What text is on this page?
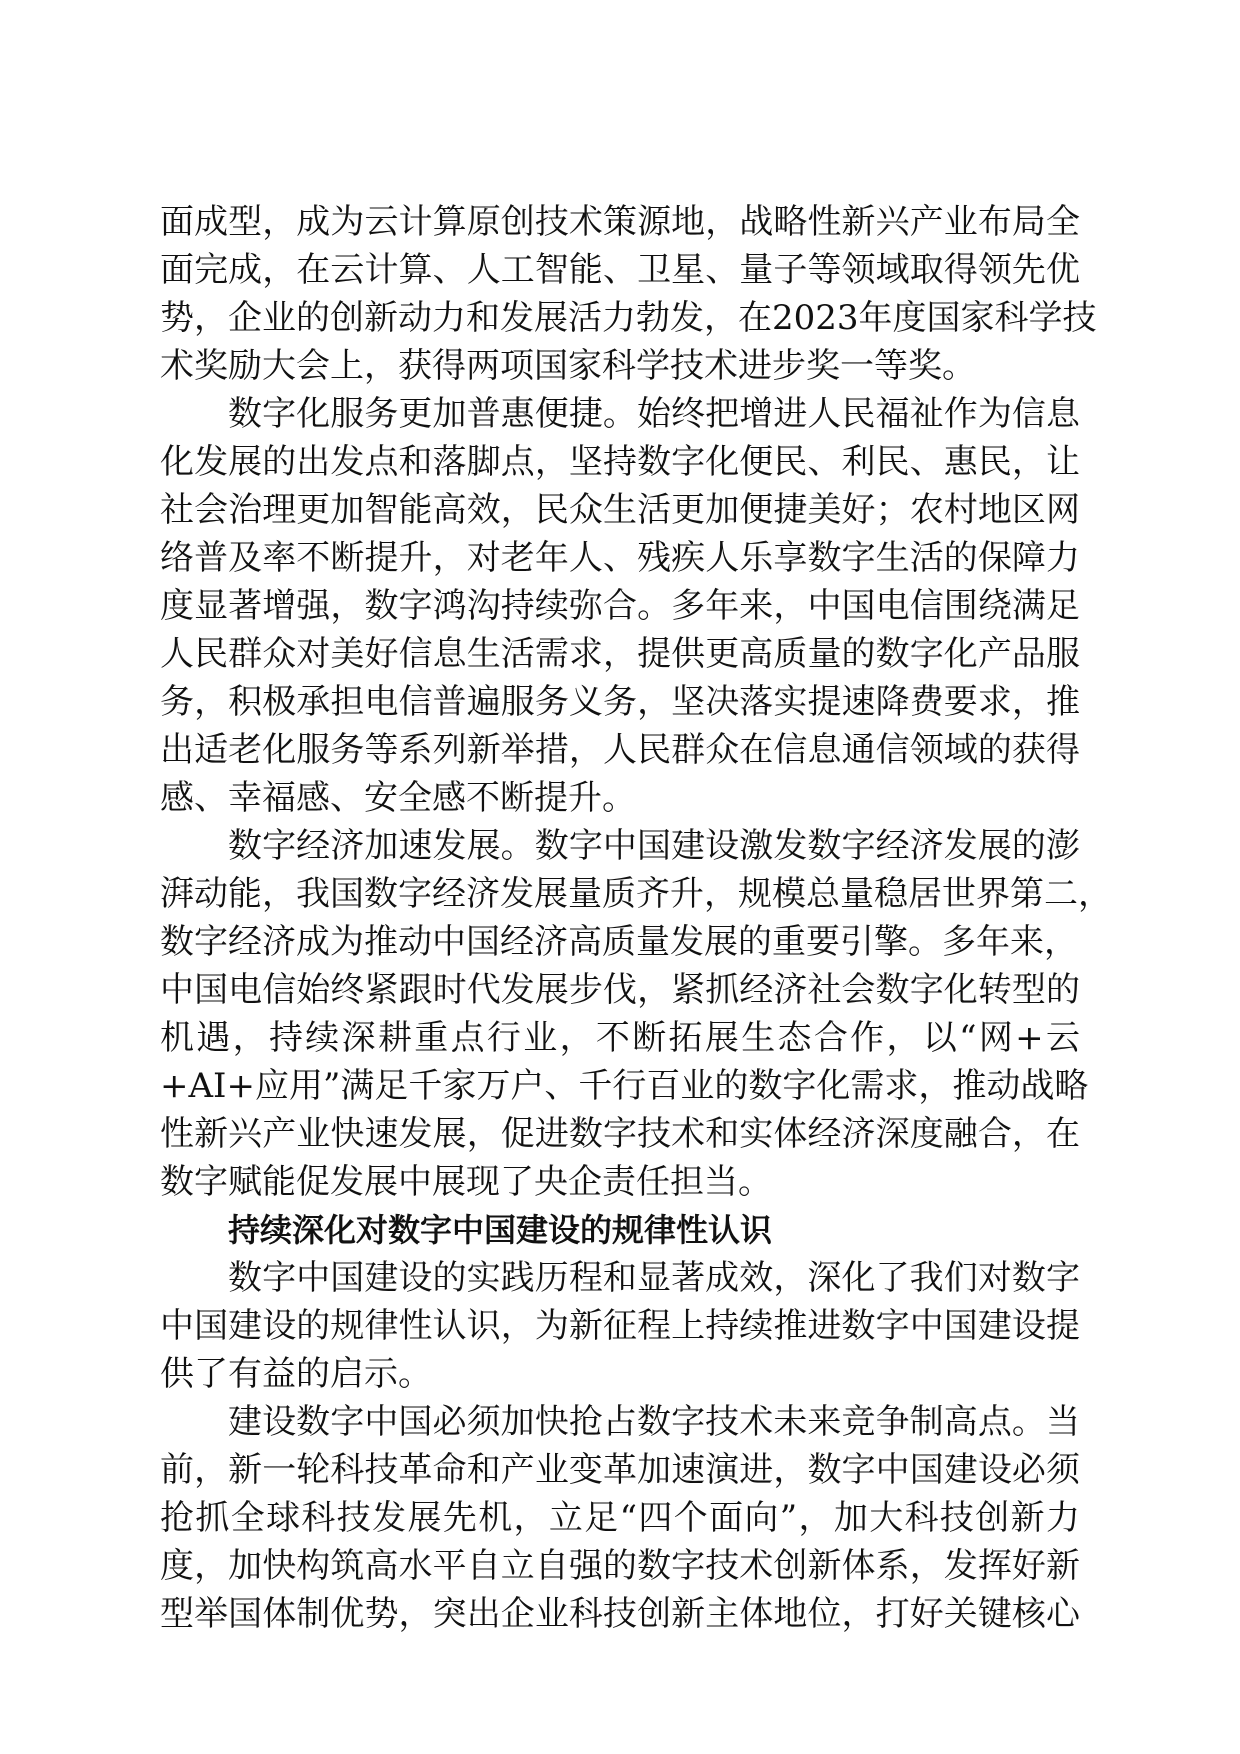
面成型，成为云计算原创技术策源地，战略性新兴产业布局全
面完成，在云计算、人工智能、卫星、量子等领域取得领先优
势，企业的创新动力和发展活力勃发，在2023年度国家科学技
术奖励大会上，获得两项国家科学技术进步奖一等奖。
数字化服务更加普惠便捷。始终把增进人民福祉作为信息
化发展的出发点和落脚点，坚持数字化便民、利民、惠民，让
社会治理更加智能高效，民众生活更加便捷美好；农村地区网
络普及率不断提升，对老年人、残疾人乐享数字生活的保障力
度显著增强，数字鸿沟持续弥合。多年来，中国电信围绕满足
人民群众对美好信息生活需求，提供更高质量的数字化产品服
务，积极承担电信普遍服务义务，坚决落实提速降费要求，推
出适老化服务等系列新举措，人民群众在信息通信领域的获得
感、幸福感、安全感不断提升。
数字经济加速发展。数字中国建设激发数字经济发展的澎
湃动能，我国数字经济发展量质齐升，规模总量稳居世界第二，
数字经济成为推动中国经济高质量发展的重要引擎。多年来，
中国电信始终紧跟时代发展步伐，紧抓经济社会数字化转型的
机遇，持续深耕重点行业，不断拓展生态合作，以“网+云
+AI+应用”满足千家万户、千行百业的数字化需求，推动战略
性新兴产业快速发展，促进数字技术和实体经济深度融合，在
数字赋能促发展中展现了央企责任担当。
持续深化对数字中国建设的规律性认识
数字中国建设的实践历程和显著成效，深化了我们对数字
中国建设的规律性认识，为新征程上持续推进数字中国建设提
供了有益的启示。
建设数字中国必须加快抢占数字技术未来竞争制高点。当
前，新一轮科技革命和产业变革加速演进，数字中国建设必须
抢抓全球科技发展先机，立足“四个面向”，加大科技创新力
度，加快构筑高水平自立自强的数字技术创新体系，发挥好新
型举国体制优势，突出企业科技创新主体地位，打好关键核心
